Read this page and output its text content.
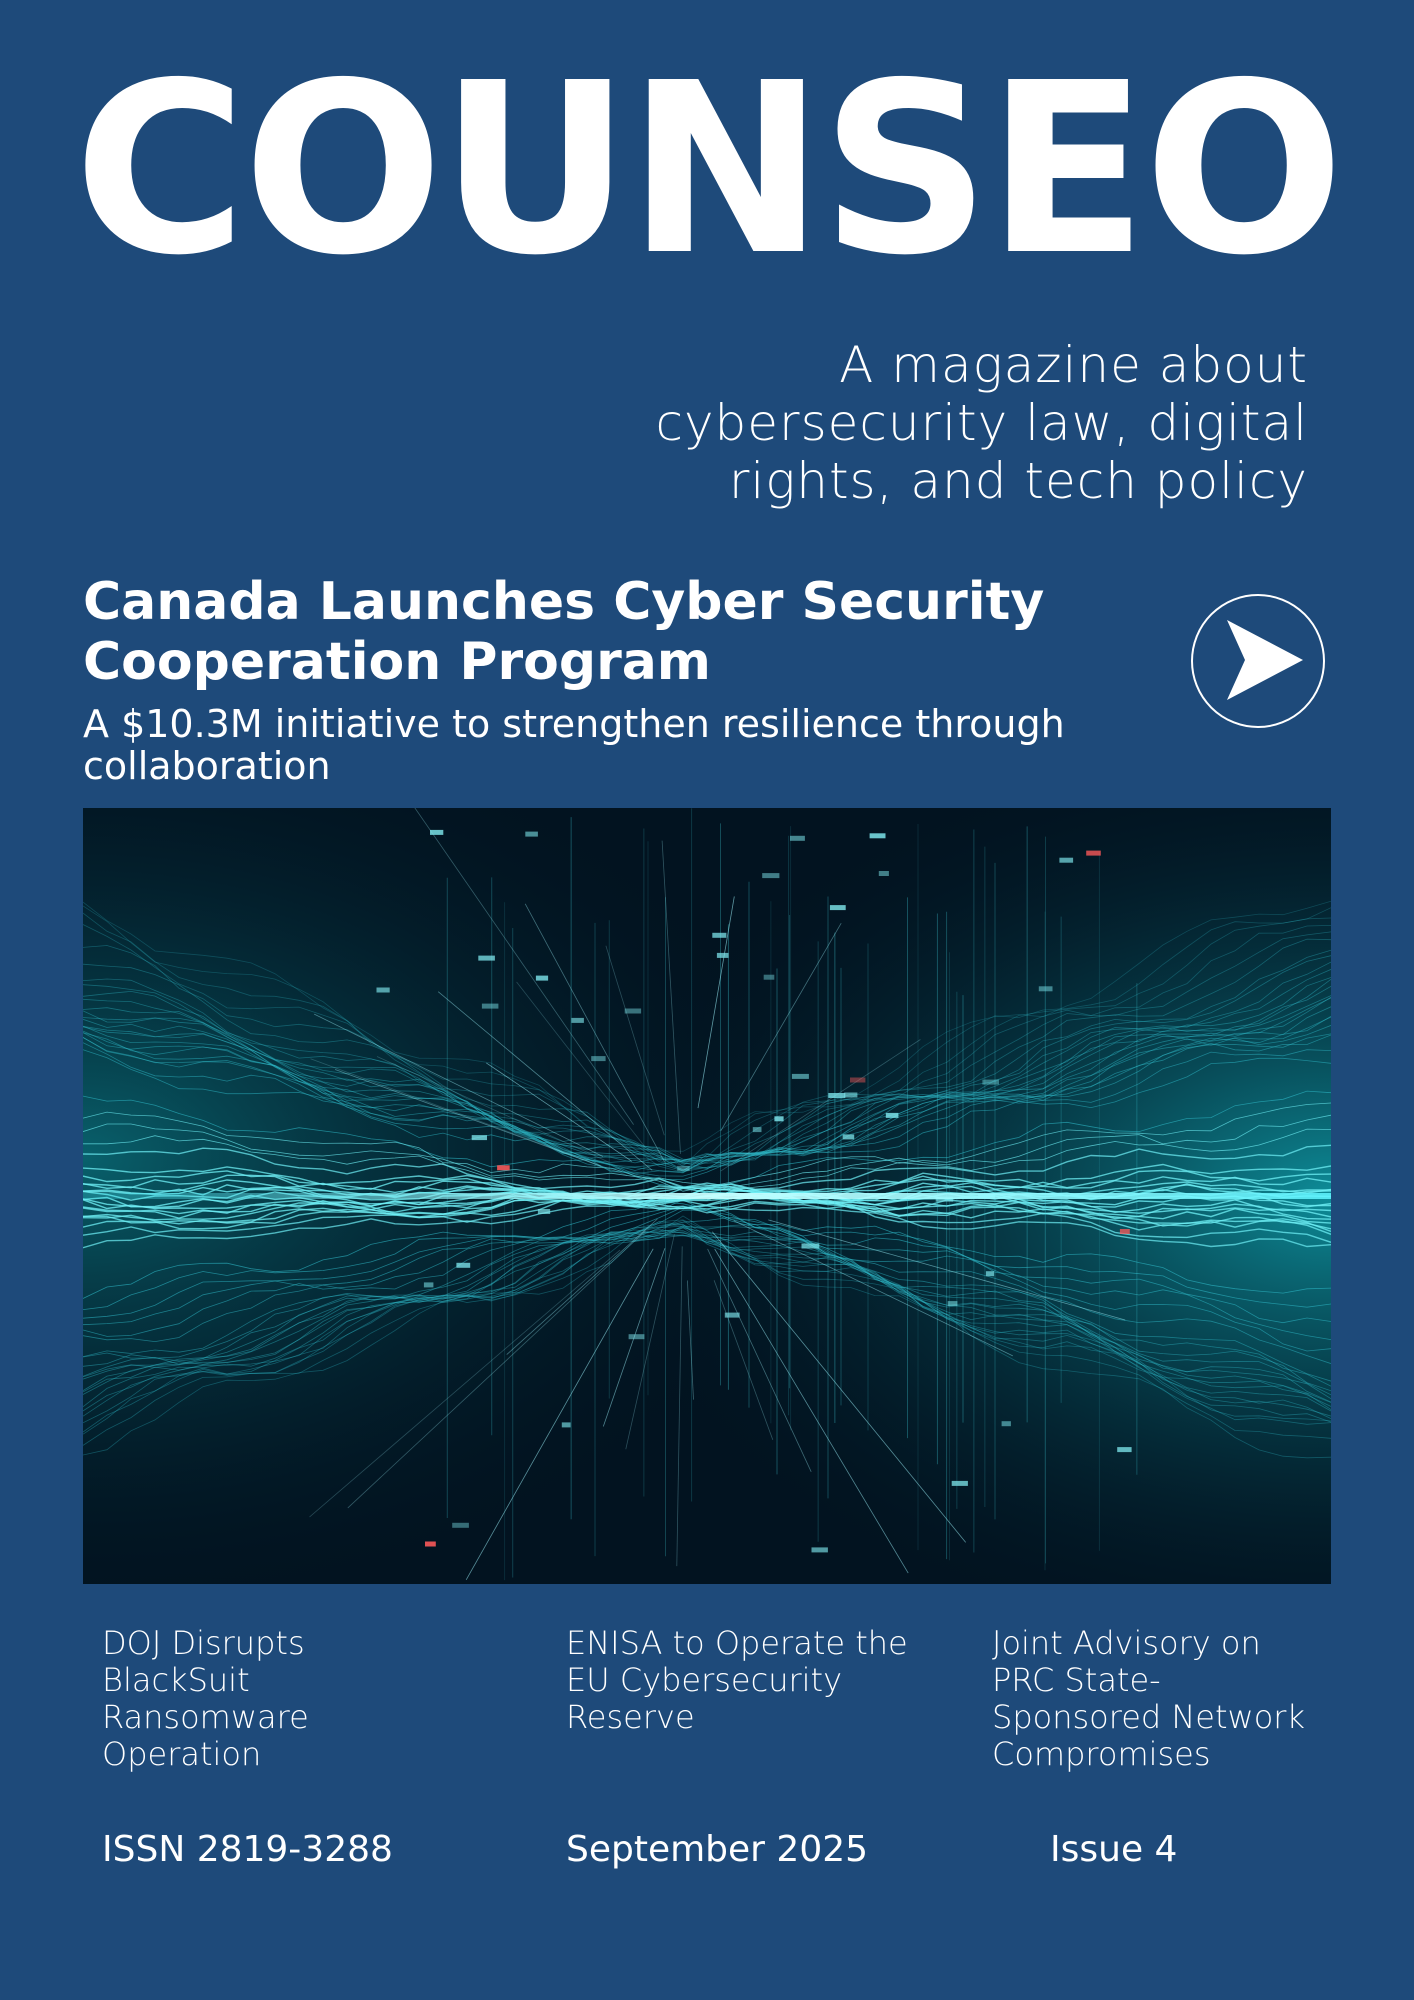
COUNSEO
A magazine about
cybersecurity law, digital
rights, and tech policy
Canada Launches Cyber Security
Cooperation Program
A $10.3M initiative to strengthen resilience through
collaboration
DOJ Disrupts
BlackSuit
Ransomware
Operation
ENISA to Operate the
EU Cybersecurity
Reserve
Joint Advisory on
PRC State-
Sponsored Network
Compromises
ISSN 2819-3288	September 2025	Issue 4
